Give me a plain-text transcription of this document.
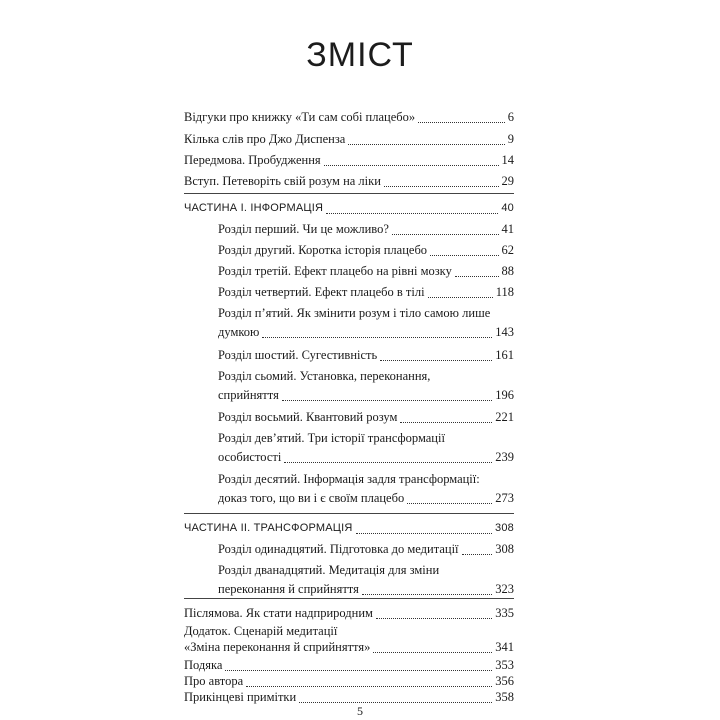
ЗМІСТ
Відгуки про книжку «Ти сам собі плацебо»	6
Кілька слів про Джо Диспенза	9
Передмова. Пробудження	14
Вступ. Петеворіть свій розум на ліки	29
ЧАСТИНА І. ІНФОРМАЦІЯ	40
Розділ перший. Чи це можливо?	41
Розділ другий. Коротка історія плацебо	62
Розділ третій. Ефект плацебо на рівні мозку	88
Розділ четвертий. Ефект плацебо в тілі	118
Розділ п’ятий. Як змінити розум і тіло самою лише
думкою	143
Розділ шостий. Сугестивність	161
Розділ сьомий. Установка, переконання,
сприйняття	196
Розділ восьмий. Квантовий розум	221
Розділ дев’ятий. Три історії трансформації
особистості	239
Розділ десятий. Інформація задля трансформації:
доказ того, що ви і є своїм плацебо	273
ЧАСТИНА ІІ. ТРАНСФОРМАЦІЯ	308
Розділ одинадцятий. Підготовка до медитації	308
Розділ дванадцятий. Медитація для зміни
переконання й сприйняття	323
Післямова. Як стати надприродним	335
Додаток. Сценарій медитації
«Зміна переконання й сприйняття»	341
Подяка	353
Про автора	356
Прикінцеві примітки	358
5
